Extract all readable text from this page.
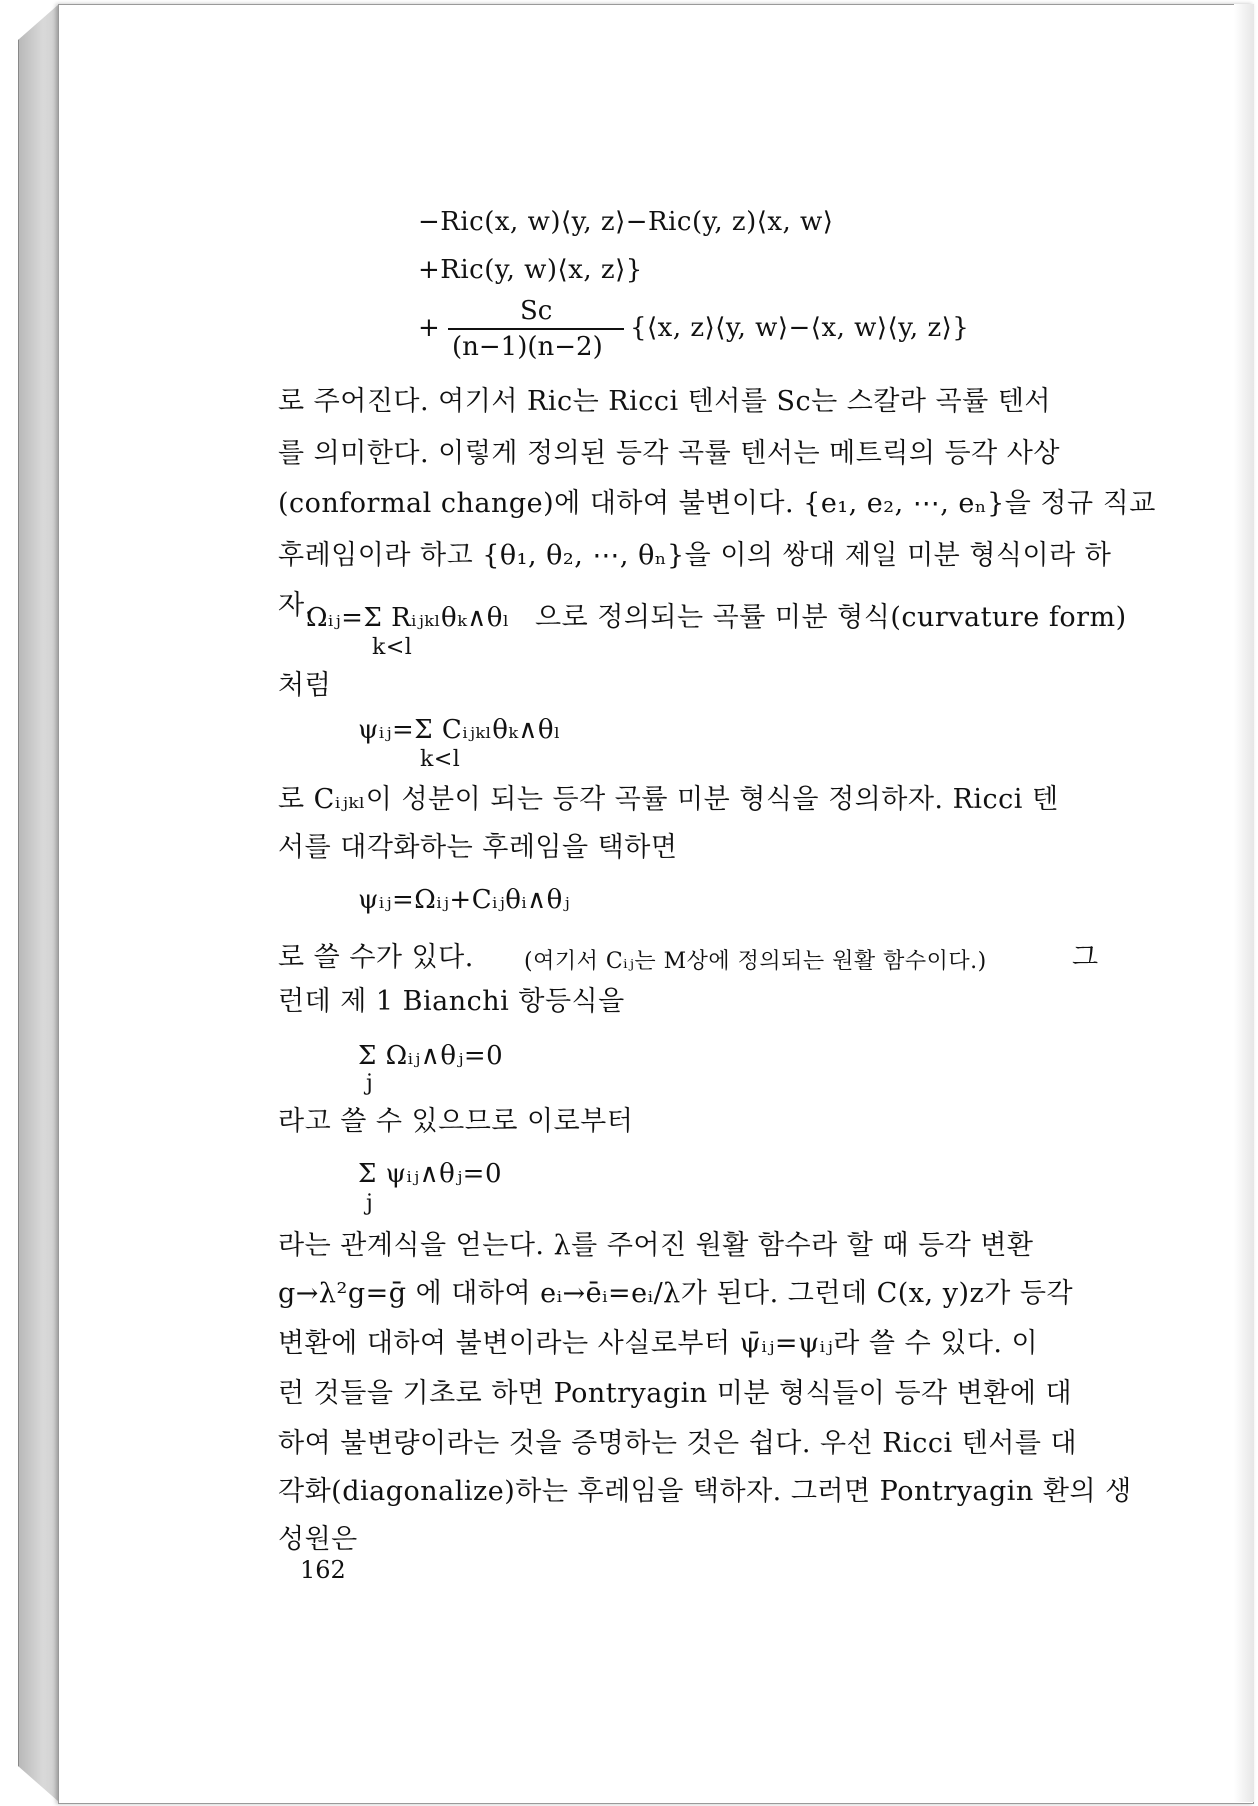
−Ric(x, w)⟨y, z⟩−Ric(y, z)⟨x, w⟩
+Ric(y, w)⟨x, z⟩}
+
Sc
(n−1)(n−2)
{⟨x, z⟩⟨y, w⟩−⟨x, w⟩⟨y, z⟩}
로 주어진다. 여기서 Ric는 Ricci 텐서를 Sc는 스칼라 곡률 텐서
를 의미한다. 이렇게 정의된 등각 곡률 텐서는 메트릭의 등각 사상
(conformal change)에 대하여 불변이다. {e₁, e₂, ⋯, eₙ}을 정규 직교
후레임이라 하고 {θ₁, θ₂, ⋯, θₙ}을 이의 쌍대 제일 미분 형식이라 하
자.
Ωᵢⱼ=Σ Rᵢⱼₖₗθₖ∧θₗ
k<l
으로 정의되는 곡률 미분 형식(curvature form)
처럼
ψᵢⱼ=Σ Cᵢⱼₖₗθₖ∧θₗ
k<l
로 Cᵢⱼₖₗ이 성분이 되는 등각 곡률 미분 형식을 정의하자. Ricci 텐
서를 대각화하는 후레임을 택하면
ψᵢⱼ=Ωᵢⱼ+Cᵢⱼθᵢ∧θⱼ
로 쓸 수가 있다. (여기서 Cᵢⱼ는 M상에 정의되는 원활 함수이다.)	그
런데 제 1 Bianchi 항등식을
Σ Ωᵢⱼ∧θⱼ=0
j
라고 쓸 수 있으므로 이로부터
Σ ψᵢⱼ∧θⱼ=0
j
라는 관계식을 얻는다. λ를 주어진 원활 함수라 할 때 등각 변환
g→λ²g=ḡ 에 대하여 eᵢ→ēᵢ=eᵢ/λ가 된다. 그런데 C(x, y)z가 등각
변환에 대하여 불변이라는 사실로부터 ψ̄ᵢⱼ=ψᵢⱼ라 쓸 수 있다. 이
런 것들을 기초로 하면 Pontryagin 미분 형식들이 등각 변환에 대
하여 불변량이라는 것을 증명하는 것은 쉽다. 우선 Ricci 텐서를 대
각화(diagonalize)하는 후레임을 택하자. 그러면 Pontryagin 환의 생
성원은
162
